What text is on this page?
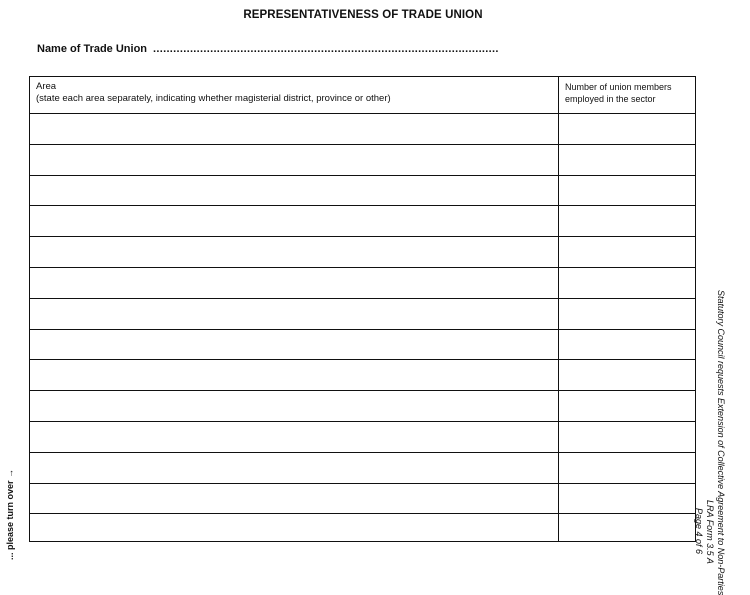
REPRESENTATIVENESS OF TRADE UNION
Name of Trade Union .......................................................................................................
Area
(state each area separately, indicating whether magisterial district, province or other)
Number of union members
employed in the sector
Statutory Council requests Extension of Collective Agreement to Non-Parties
LRA Form 3.5 A
Page 4 of 6
... please turn over →
